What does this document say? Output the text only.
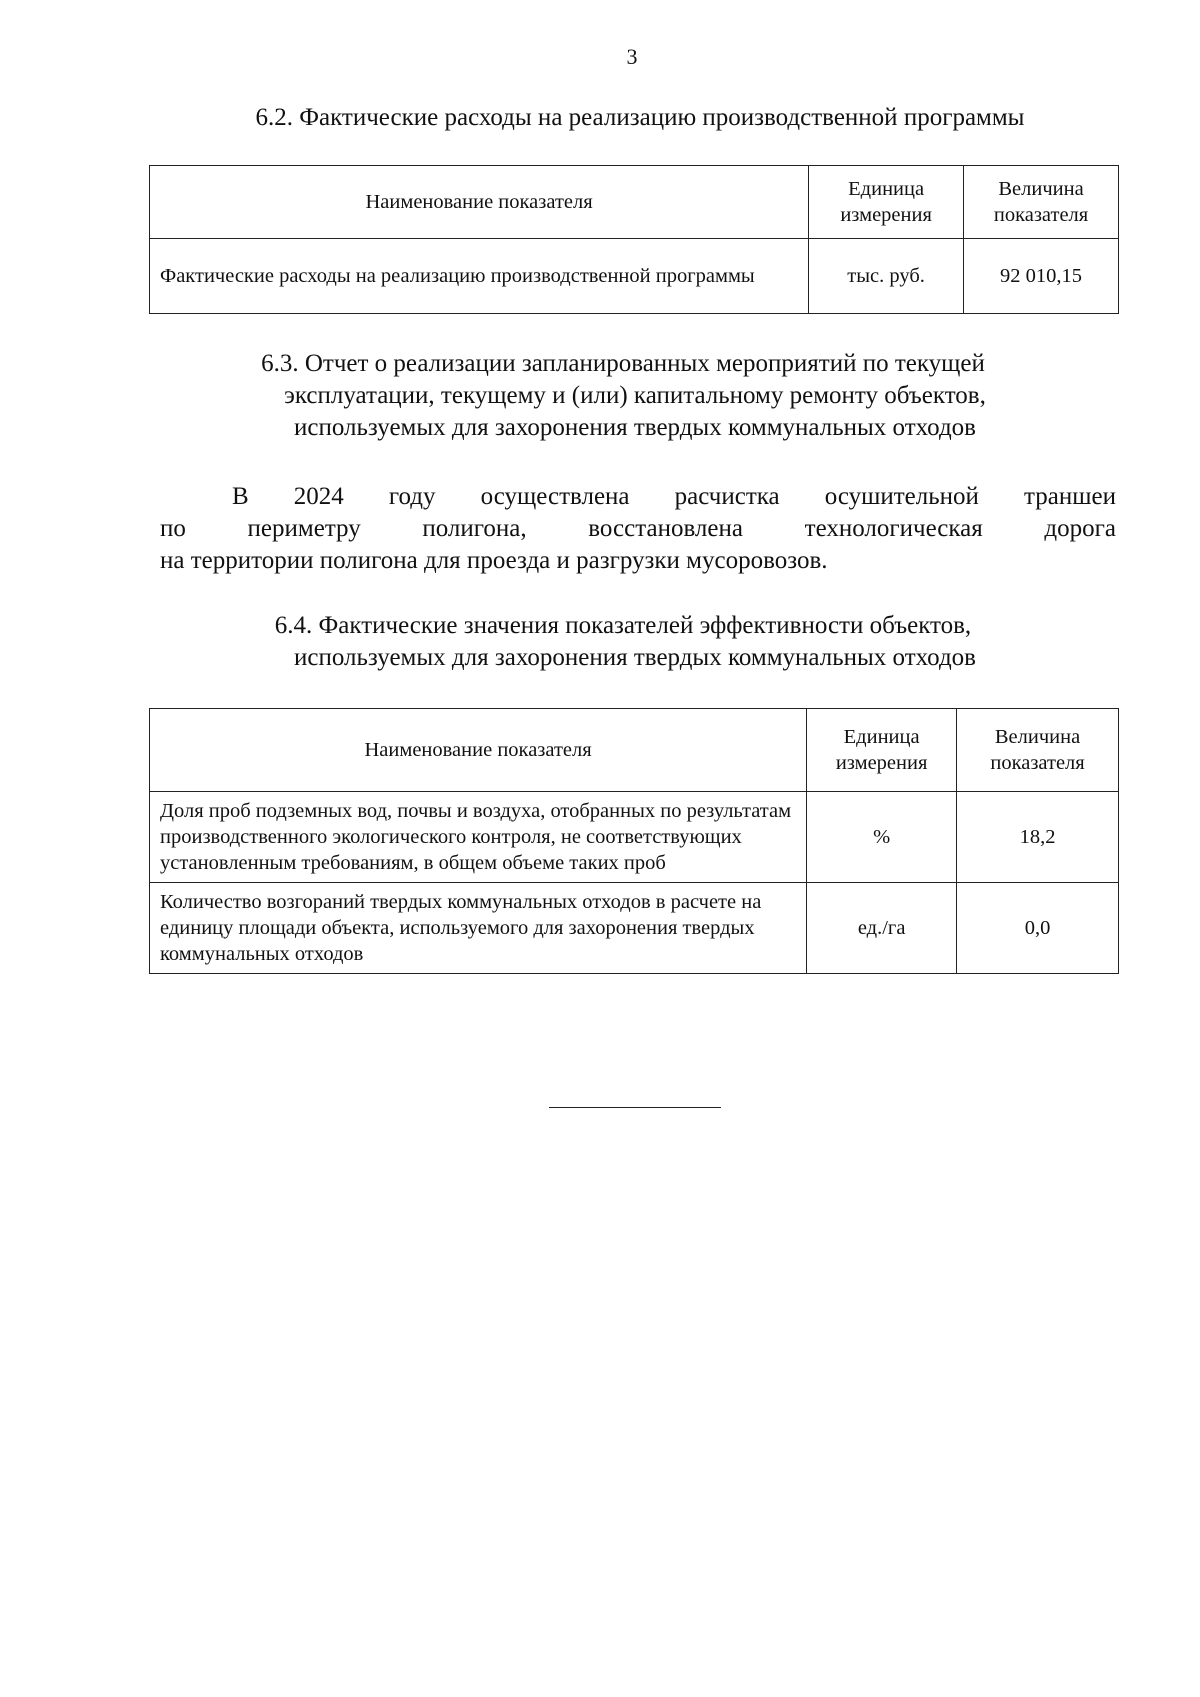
3
6.2. Фактические расходы на реализацию производственной программы
Наименование показателя	Единица измерения	Величина показателя
Фактические расходы на реализацию производственной программы	тыс. руб.	92 010,15
6.3. Отчет о реализации запланированных мероприятий по текущей
эксплуатации, текущему и (или) капитальному ремонту объектов,
используемых для захоронения твердых коммунальных отходов
В 2024 году осуществлена расчистка осушительной траншеи
по периметру полигона, восстановлена технологическая дорога
на территории полигона для проезда и разгрузки мусоровозов.
6.4. Фактические значения показателей эффективности объектов,
используемых для захоронения твердых коммунальных отходов
Наименование показателя	Единица измерения	Величина показателя
Доля проб подземных вод, почвы и воздуха, отобранных по результатам производственного экологического контроля, не соответствующих установленным требованиям, в общем объеме таких проб	%	18,2
Количество возгораний твердых коммунальных отходов в расчете на единицу площади объекта, используемого для захоронения твердых коммунальных отходов	ед./га	0,0
